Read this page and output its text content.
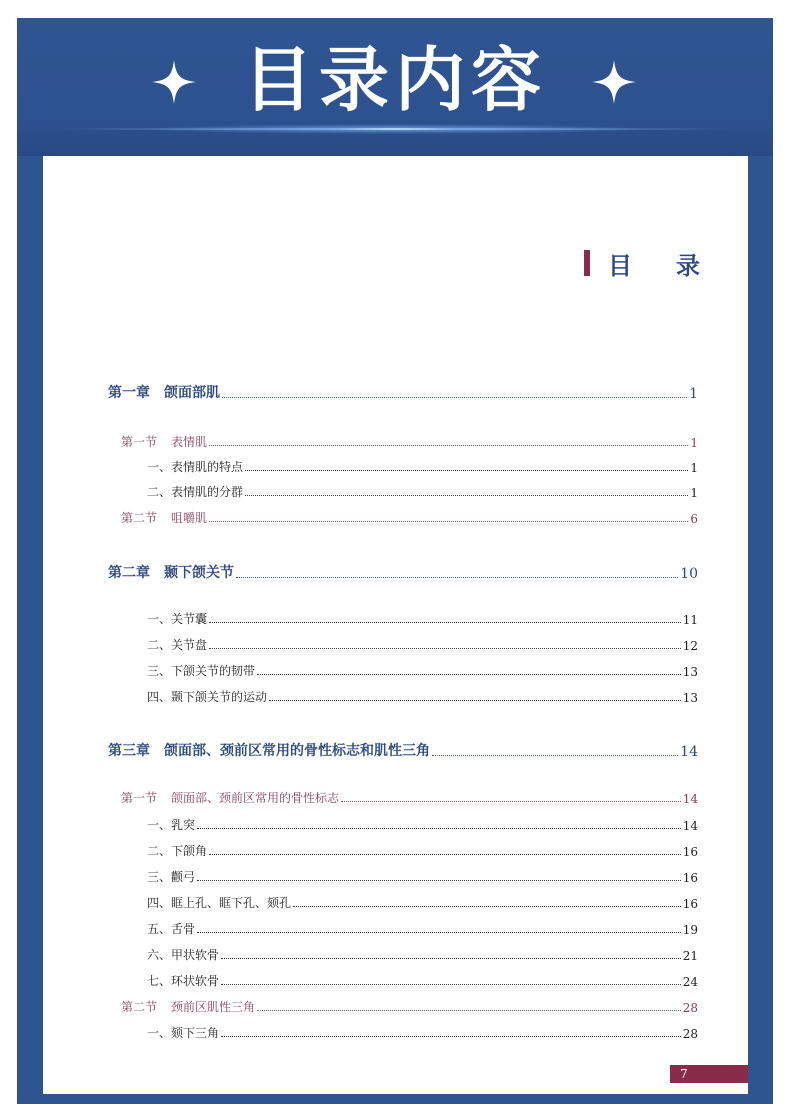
目录内容
目录
第一章 颌面部肌	1
第一节 表情肌	1
一、表情肌的特点	1
二、表情肌的分群	1
第二节 咀嚼肌	6
第二章 颞下颌关节	10
一、关节囊	11
二、关节盘	12
三、下颌关节的韧带	13
四、颞下颌关节的运动	13
第三章 颌面部、颈前区常用的骨性标志和肌性三角	14
第一节 颌面部、颈前区常用的骨性标志	14
一、乳突	14
二、下颌角	16
三、颧弓	16
四、眶上孔、眶下孔、颏孔	16
五、舌骨	19
六、甲状软骨	21
七、环状软骨	24
第二节 颈前区肌性三角	28
一、颏下三角	28
7
